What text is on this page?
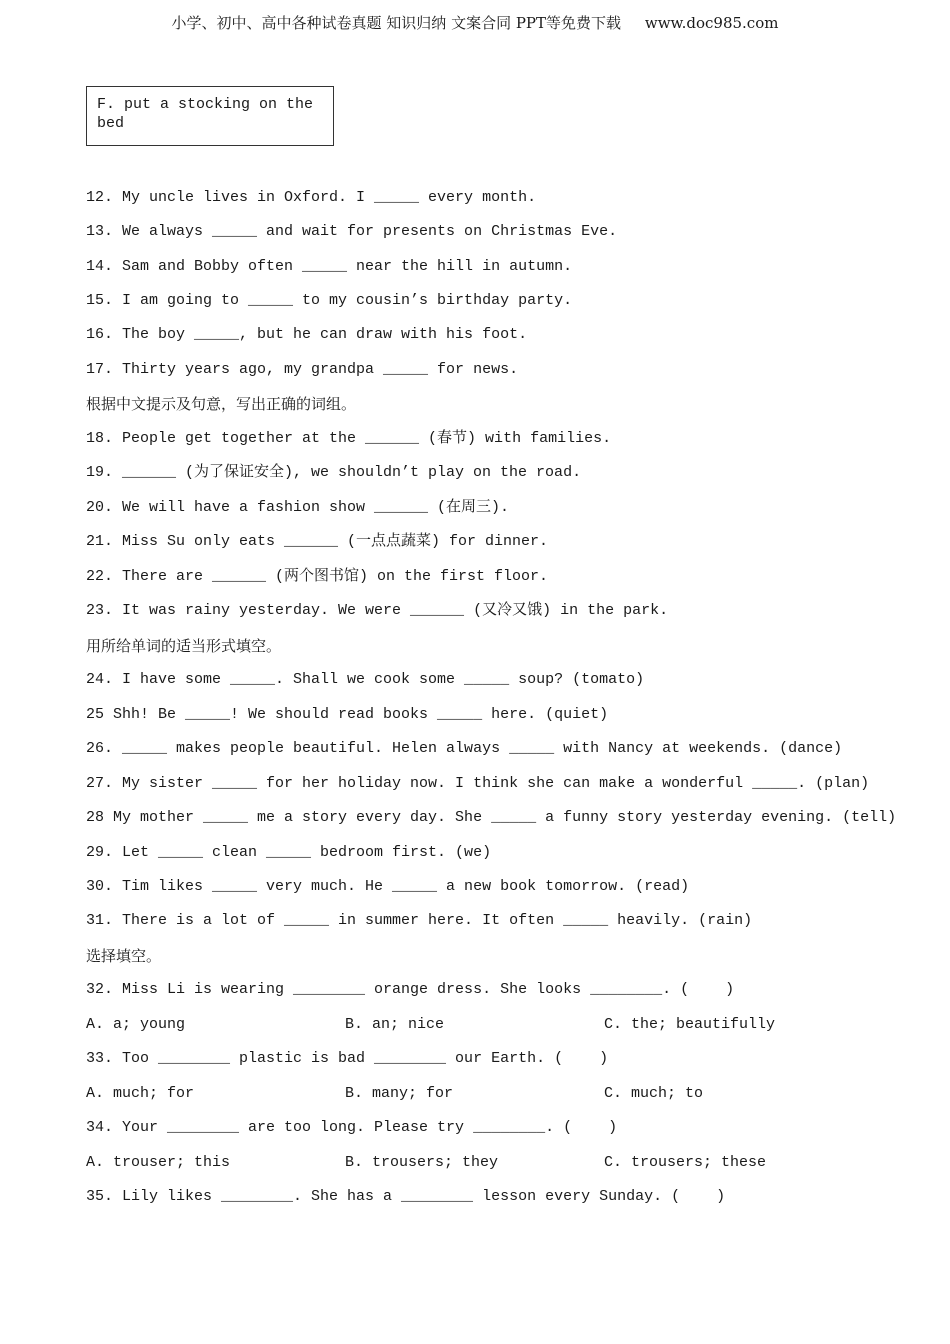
小学、初中、高中各种试卷真题 知识归纳 文案合同 PPT等免费下载     www.doc985.com
F. put a stocking on the bed
12. My uncle lives in Oxford. I _____ every month.
13. We always _____ and wait for presents on Christmas Eve.
14. Sam and Bobby often _____ near the hill in autumn.
15. I am going to _____ to my cousin’s birthday party.
16. The boy _____, but he can draw with his foot.
17. Thirty years ago, my grandpa _____ for news.
根据中文提示及句意，写出正确的词组。
18. People get together at the ______ (春节) with families.
19. ______ (为了保证安全), we shouldn’t play on the road.
20. We will have a fashion show ______ (在周三).
21. Miss Su only eats ______ (一点点蔬菜) for dinner.
22. There are ______ (两个图书馆) on the first floor.
23. It was rainy yesterday. We were ______ (又冷又饿) in the park.
用所给单词的适当形式填空。
24. I have some _____. Shall we cook some _____ soup? (tomato)
25 Shh! Be _____! We should read books _____ here. (quiet)
26. _____ makes people beautiful. Helen always _____ with Nancy at weekends. (dance)
27. My sister _____ for her holiday now. I think she can make a wonderful _____. (plan)
28 My mother _____ me a story every day. She _____ a funny story yesterday evening. (tell)
29. Let _____ clean _____ bedroom first. (we)
30. Tim likes _____ very much. He _____ a new book tomorrow. (read)
31. There is a lot of _____ in summer here. It often _____ heavily. (rain)
选择填空。
32. Miss Li is wearing ________ orange dress. She looks ________. (    )
A. a; young	B. an; nice	C. the; beautifully
33. Too ________ plastic is bad ________ our Earth. (    )
A. much; for	B. many; for	C. much; to
34. Your ________ are too long. Please try ________. (    )
A. trouser; this	B. trousers; they	C. trousers; these
35. Lily likes ________. She has a ________ lesson every Sunday. (    )
